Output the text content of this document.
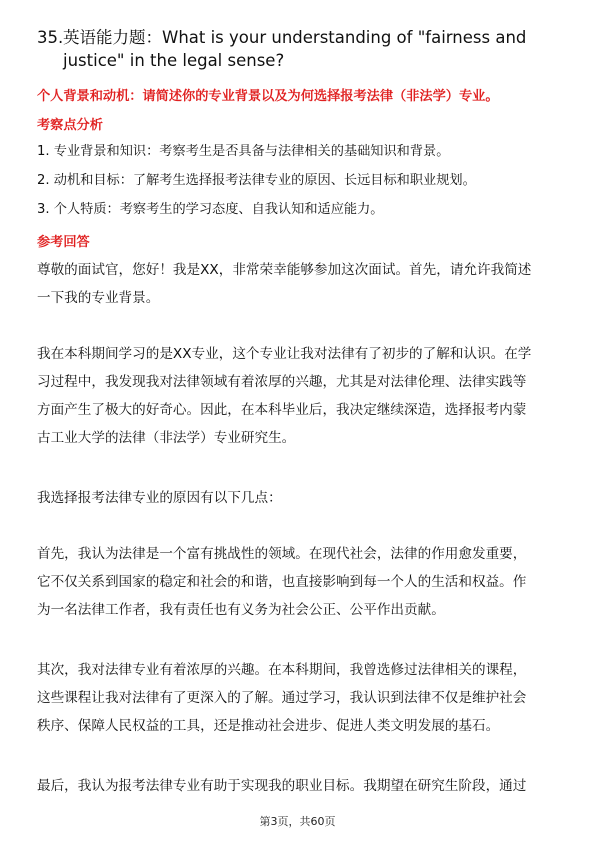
35.英语能力题：What is your understanding of "fairness and
justice" in the legal sense?
个人背景和动机：请简述你的专业背景以及为何选择报考法律（非法学）专业。
考察点分析
1. 专业背景和知识：考察考生是否具备与法律相关的基础知识和背景。
2. 动机和目标：了解考生选择报考法律专业的原因、长远目标和职业规划。
3. 个人特质：考察考生的学习态度、自我认知和适应能力。
参考回答
尊敬的面试官，您好！我是XX，非常荣幸能够参加这次面试。首先，请允许我简述
一下我的专业背景。
我在本科期间学习的是XX专业，这个专业让我对法律有了初步的了解和认识。在学
习过程中，我发现我对法律领域有着浓厚的兴趣，尤其是对法律伦理、法律实践等
方面产生了极大的好奇心。因此，在本科毕业后，我决定继续深造，选择报考内蒙
古工业大学的法律（非法学）专业研究生。
我选择报考法律专业的原因有以下几点：
首先，我认为法律是一个富有挑战性的领域。在现代社会，法律的作用愈发重要，
它不仅关系到国家的稳定和社会的和谐，也直接影响到每一个人的生活和权益。作
为一名法律工作者，我有责任也有义务为社会公正、公平作出贡献。
其次，我对法律专业有着浓厚的兴趣。在本科期间，我曾选修过法律相关的课程，
这些课程让我对法律有了更深入的了解。通过学习，我认识到法律不仅是维护社会
秩序、保障人民权益的工具，还是推动社会进步、促进人类文明发展的基石。
最后，我认为报考法律专业有助于实现我的职业目标。我期望在研究生阶段，通过
第3页，共60页
